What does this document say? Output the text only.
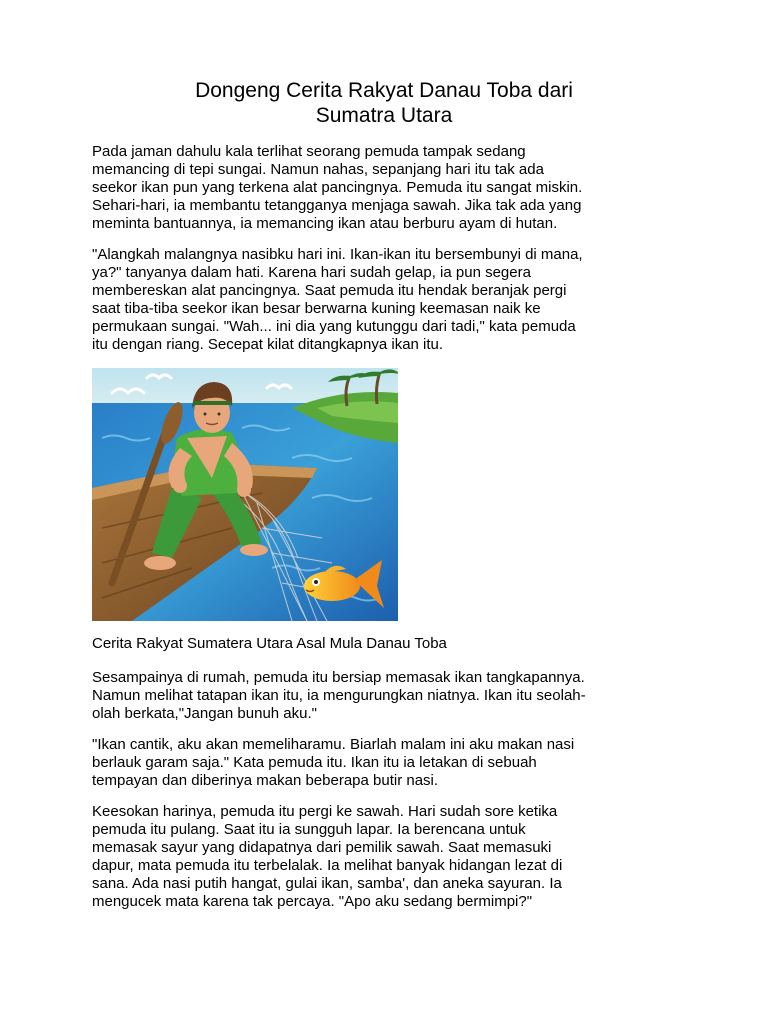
Dongeng Cerita Rakyat Danau Toba dari
Sumatra Utara

Pada jaman dahulu kala terlihat seorang pemuda tampak sedang
memancing di tepi sungai. Namun nahas, sepanjang hari itu tak ada
seekor ikan pun yang terkena alat pancingnya. Pemuda itu sangat miskin.
Sehari-hari, ia membantu tetangganya menjaga sawah. Jika tak ada yang
meminta bantuannya, ia memancing ikan atau berburu ayam di hutan.

"Alangkah malangnya nasibku hari ini. Ikan-ikan itu bersembunyi di mana,
ya?" tanyanya dalam hati. Karena hari sudah gelap, ia pun segera
membereskan alat pancingnya. Saat pemuda itu hendak beranjak pergi
saat tiba-tiba seekor ikan besar berwarna kuning keemasan naik ke
permukaan sungai. "Wah... ini dia yang kutunggu dari tadi," kata pemuda
itu dengan riang. Secepat kilat ditangkapnya ikan itu.

Cerita Rakyat Sumatera Utara Asal Mula Danau Toba

Sesampainya di rumah, pemuda itu bersiap memasak ikan tangkapannya.
Namun melihat tatapan ikan itu, ia mengurungkan niatnya. Ikan itu seolah-
olah berkata,"Jangan bunuh aku."

"Ikan cantik, aku akan memeliharamu. Biarlah malam ini aku makan nasi
berlauk garam saja." Kata pemuda itu. Ikan itu ia letakan di sebuah
tempayan dan diberinya makan beberapa butir nasi.

Keesokan harinya, pemuda itu pergi ke sawah. Hari sudah sore ketika
pemuda itu pulang. Saat itu ia sungguh lapar. Ia berencana untuk
memasak sayur yang didapatnya dari pemilik sawah. Saat memasuki
dapur, mata pemuda itu terbelalak. Ia melihat banyak hidangan lezat di
sana. Ada nasi putih hangat, gulai ikan, samba', dan aneka sayuran. Ia
mengucek mata karena tak percaya. "Apo aku sedang bermimpi?"
